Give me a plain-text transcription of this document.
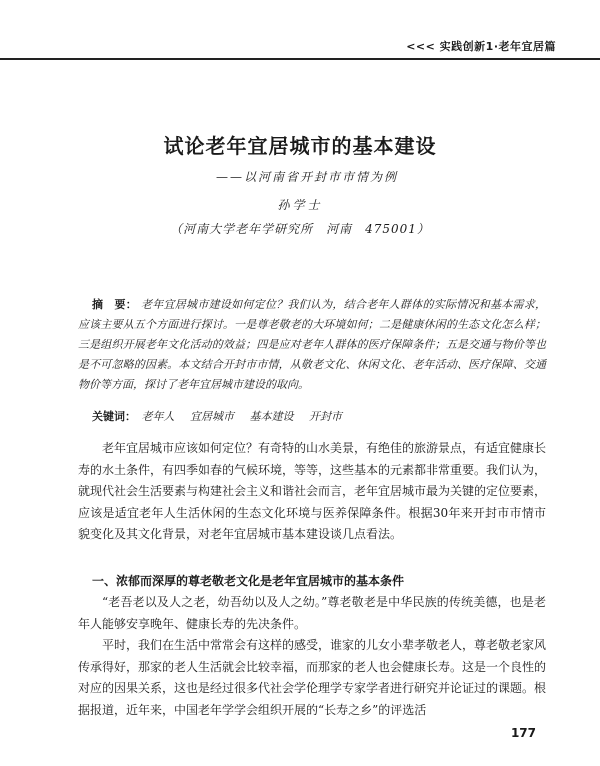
<<< 实践创新1·老年宜居篇
试论老年宜居城市的基本建设
——以河南省开封市市情为例
孙学士
（河南大学老年学研究所　河南　475001）
摘　要： 老年宜居城市建设如何定位？我们认为，结合老年人群体的实际情况和基本需求，应该主要从五个方面进行探讨。一是尊老敬老的大环境如何；二是健康休闲的生态文化怎么样；三是组织开展老年文化活动的效益；四是应对老年人群体的医疗保障条件；五是交通与物价等也是不可忽略的因素。本文结合开封市市情，从敬老文化、休闲文化、老年活动、医疗保障、交通物价等方面，探讨了老年宜居城市建设的取向。
关键词： 老年人 宜居城市 基本建设 开封市

老年宜居城市应该如何定位？有奇特的山水美景，有绝佳的旅游景点，有适宜健康长寿的水土条件，有四季如春的气候环境，等等，这些基本的元素都非常重要。我们认为，就现代社会生活要素与构建社会主义和谐社会而言，老年宜居城市最为关键的定位要素，应该是适宜老年人生活休闲的生态文化环境与医养保障条件。根据30年来开封市市情市貌变化及其文化背景，对老年宜居城市基本建设谈几点看法。

一、浓郁而深厚的尊老敬老文化是老年宜居城市的基本条件

“老吾老以及人之老，幼吾幼以及人之幼。”尊老敬老是中华民族的传统美德，也是老年人能够安享晚年、健康长寿的先决条件。

平时，我们在生活中常常会有这样的感受，谁家的儿女小辈孝敬老人，尊老敬老家风传承得好，那家的老人生活就会比较幸福，而那家的老人也会健康长寿。这是一个良性的对应的因果关系，这也是经过很多代社会学伦理学专家学者进行研究并论证过的课题。根据报道，近年来，中国老年学学会组织开展的“长寿之乡”的评选活

177
